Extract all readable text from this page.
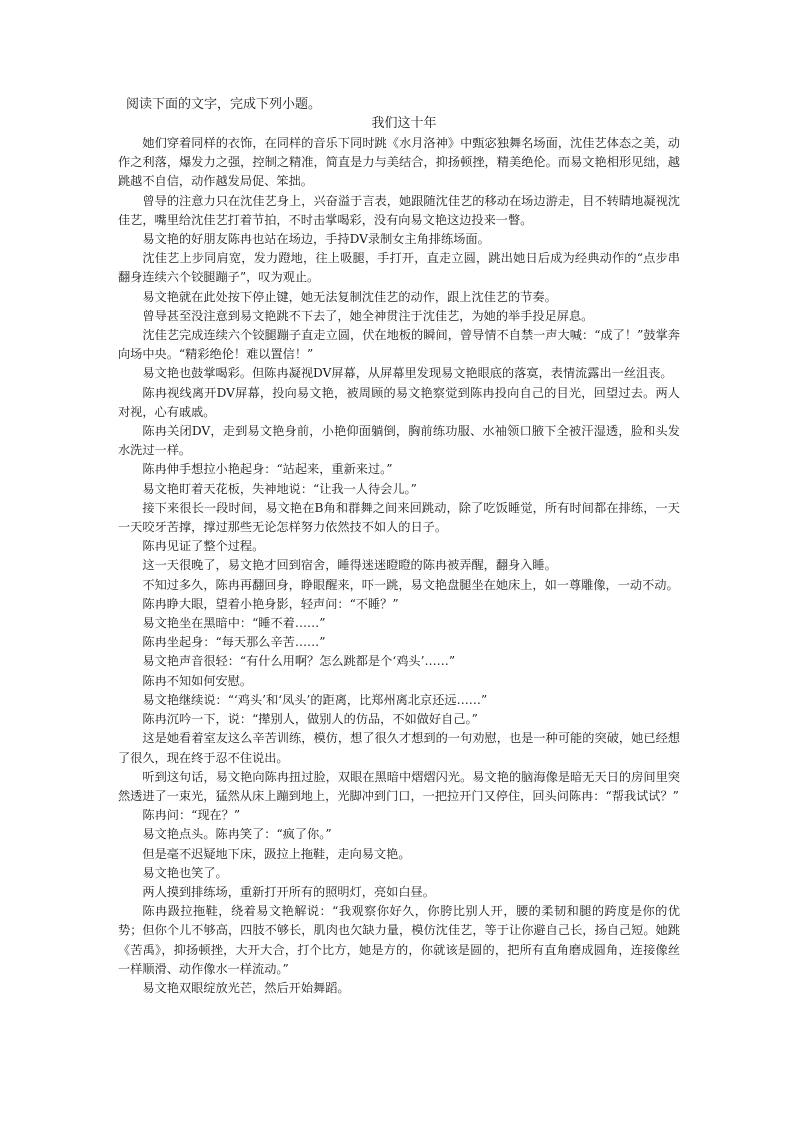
阅读下面的文字，完成下列小题。

我们这十年

她们穿着同样的衣饰，在同样的音乐下同时跳《水月洛神》中甄宓独舞名场面，沈佳艺体态之美，动作之利落，爆发力之强，控制之精准，简直是力与美结合，抑扬顿挫，精美绝伦。而易文艳相形见绌，越跳越不自信，动作越发局促、笨拙。

曾导的注意力只在沈佳艺身上，兴奋溢于言表，她跟随沈佳艺的移动在场边游走，目不转睛地凝视沈佳艺，嘴里给沈佳艺打着节拍，不时击掌喝彩，没有向易文艳这边投来一瞥。

易文艳的好朋友陈冉也站在场边，手持DV录制女主角排练场面。

沈佳艺上步同肩宽，发力蹬地，往上吸腿，手打开，直走立圆，跳出她日后成为经典动作的“点步串翻身连续六个铰腿蹦子”，叹为观止。

易文艳就在此处按下停止键，她无法复制沈佳艺的动作，跟上沈佳艺的节奏。

曾导甚至没注意到易文艳跳不下去了，她全神贯注于沈佳艺，为她的举手投足屏息。

沈佳艺完成连续六个铰腿蹦子直走立圆，伏在地板的瞬间，曾导情不自禁一声大喊：“成了！”鼓掌奔向场中央。“精彩绝伦！难以置信！”

易文艳也鼓掌喝彩。但陈冉凝视DV屏幕，从屏幕里发现易文艳眼底的落寞，表情流露出一丝沮丧。

陈冉视线离开DV屏幕，投向易文艳，被周顾的易文艳察觉到陈冉投向自己的目光，回望过去。两人对视，心有戚戚。

陈冉关闭DV，走到易文艳身前，小艳仰面躺倒，胸前练功服、水袖领口腋下全被汗湿透，脸和头发水洗过一样。

陈冉伸手想拉小艳起身：“站起来，重新来过。”

易文艳盯着天花板，失神地说：“让我一人待会儿。”

接下来很长一段时间，易文艳在B角和群舞之间来回跳动，除了吃饭睡觉，所有时间都在排练，一天一天咬牙苦撑，撑过那些无论怎样努力依然技不如人的日子。

陈冉见证了整个过程。

这一天很晚了，易文艳才回到宿舍，睡得迷迷瞪瞪的陈冉被弄醒，翻身入睡。

不知过多久，陈冉再翻回身，睁眼醒来，吓一跳，易文艳盘腿坐在她床上，如一尊雕像，一动不动。

陈冉睁大眼，望着小艳身影，轻声问：“不睡？”

易文艳坐在黑暗中：“睡不着……”

陈冉坐起身：“每天那么辛苦……”

易文艳声音很轻：“有什么用啊？怎么跳都是个‘鸡头’……”

陈冉不知如何安慰。

易文艳继续说：“‘鸡头’和‘凤头’的距离，比郑州离北京还远……”

陈冉沉吟一下，说：“撵别人，做别人的仿品，不如做好自己。”

这是她看着室友这么辛苦训练，模仿，想了很久才想到的一句劝慰，也是一种可能的突破，她已经想了很久，现在终于忍不住说出。

听到这句话，易文艳向陈冉扭过脸，双眼在黑暗中熠熠闪光。易文艳的脑海像是暗无天日的房间里突然透进了一束光，猛然从床上蹦到地上，光脚冲到门口，一把拉开门又停住，回头问陈冉：“帮我试试？”

陈冉问：“现在？”

易文艳点头。陈冉笑了：“疯了你。”

但是毫不迟疑地下床，趿拉上拖鞋，走向易文艳。

易文艳也笑了。

两人摸到排练场，重新打开所有的照明灯，亮如白昼。

陈冉趿拉拖鞋，绕着易文艳解说：“我观察你好久，你胯比别人开，腰的柔韧和腿的跨度是你的优势；但你个儿不够高，四肢不够长，肌肉也欠缺力量，模仿沈佳艺，等于让你避自己长，扬自己短。她跳《苦禹》，抑扬顿挫，大开大合，打个比方，她是方的，你就该是圆的，把所有直角磨成圆角，连接像丝一样顺滑、动作像水一样流动。”

易文艳双眼绽放光芒，然后开始舞蹈。
